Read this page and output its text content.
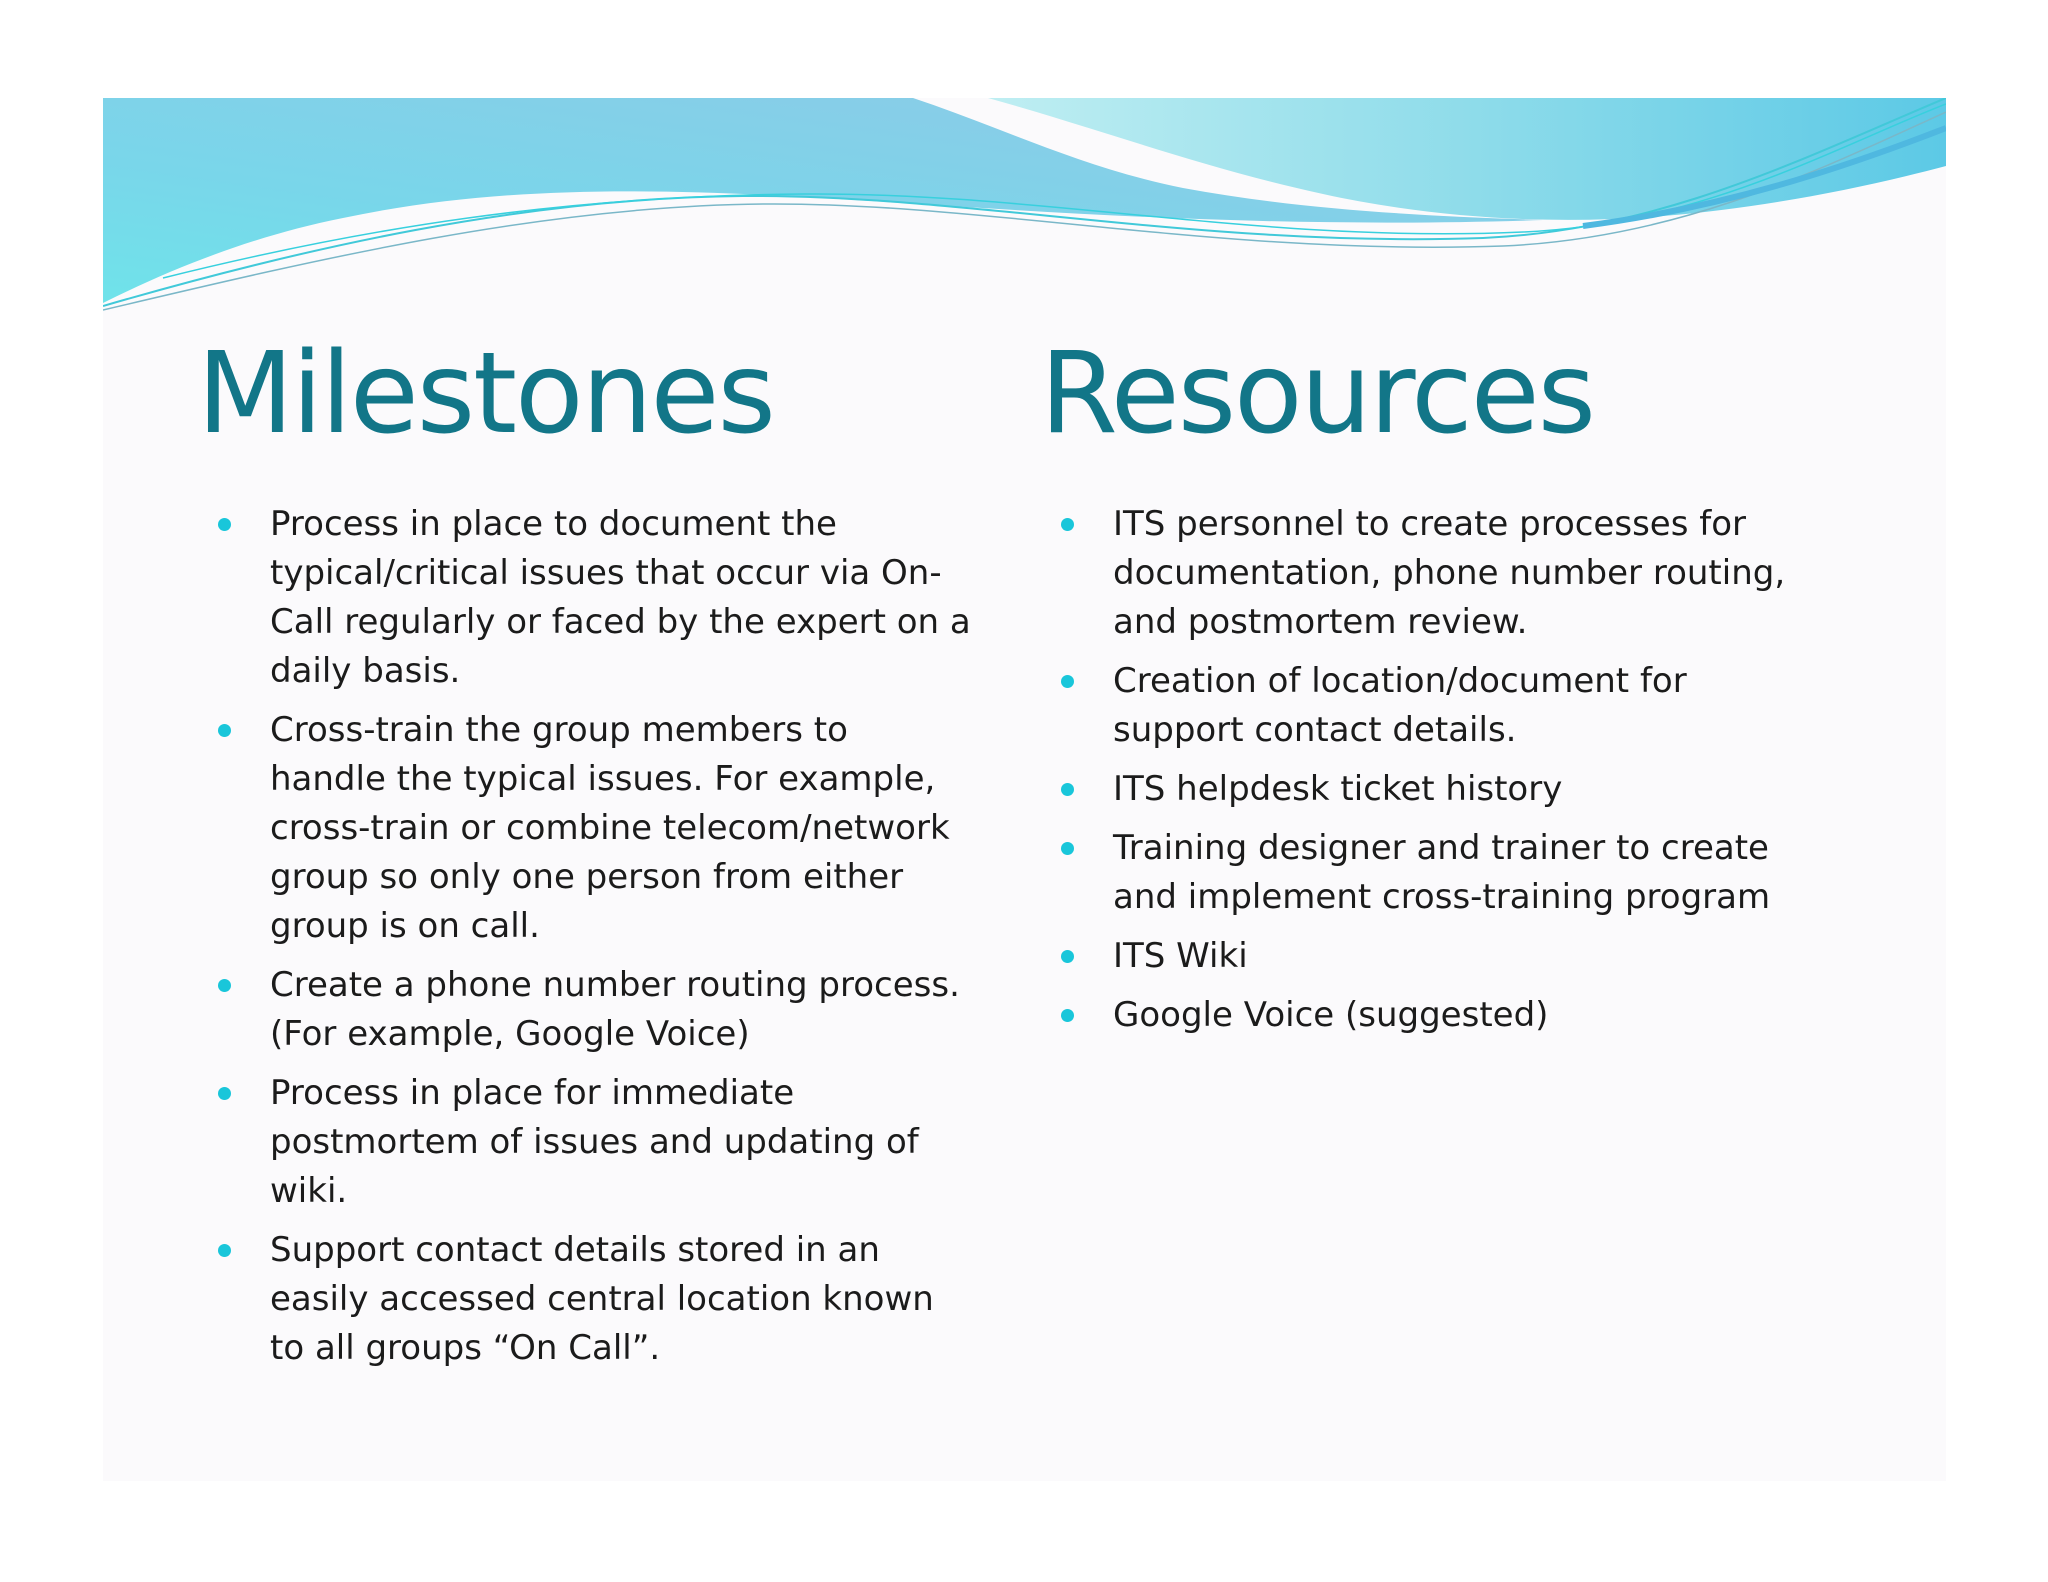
Milestones Resources
Process in place to document the typical/critical issues that occur via On-Call regularly or faced by the expert on a daily basis.
Cross-train the group members to handle the typical issues. For example, cross-train or combine telecom/network group so only one person from either group is on call.
Create a phone number routing process. (For example, Google Voice)
Process in place for immediate postmortem of issues and updating of wiki.
Support contact details stored in an easily accessed central location known to all groups “On Call”.
ITS personnel to create processes for documentation, phone number routing, and postmortem review.
Creation of location/document for support contact details.
ITS helpdesk ticket history
Training designer and trainer to create and implement cross-training program
ITS Wiki
Google Voice (suggested)
